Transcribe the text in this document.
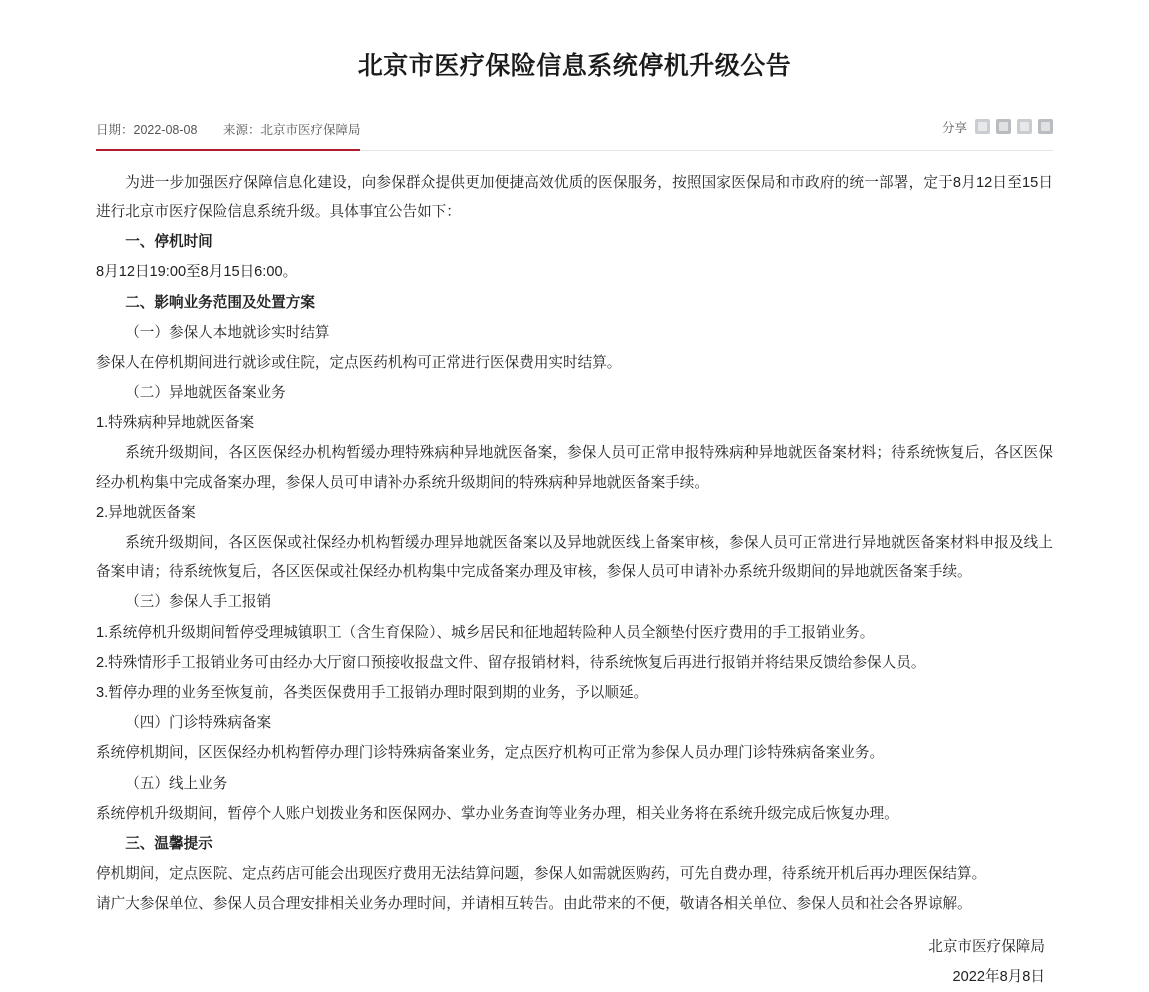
北京市医疗保险信息系统停机升级公告
日期：2022-08-08 来源：北京市医疗保障局	分享

为进一步加强医疗保障信息化建设，向参保群众提供更加便捷高效优质的医保服务，按照国家医保局和市政府的统一部署，定于8月12日至15日进行北京市医疗保险信息系统升级。具体事宜公告如下：

一、停机时间

8月12日19:00至8月15日6:00。

二、影响业务范围及处置方案

（一）参保人本地就诊实时结算

参保人在停机期间进行就诊或住院，定点医药机构可正常进行医保费用实时结算。

（二）异地就医备案业务

1.特殊病种异地就医备案

系统升级期间，各区医保经办机构暂缓办理特殊病种异地就医备案，参保人员可正常申报特殊病种异地就医备案材料；待系统恢复后，各区医保经办机构集中完成备案办理，参保人员可申请补办系统升级期间的特殊病种异地就医备案手续。

2.异地就医备案

系统升级期间，各区医保或社保经办机构暂缓办理异地就医备案以及异地就医线上备案审核，参保人员可正常进行异地就医备案材料申报及线上备案申请；待系统恢复后，各区医保或社保经办机构集中完成备案办理及审核，参保人员可申请补办系统升级期间的异地就医备案手续。

（三）参保人手工报销

1.系统停机升级期间暂停受理城镇职工（含生育保险）、城乡居民和征地超转险种人员全额垫付医疗费用的手工报销业务。

2.特殊情形手工报销业务可由经办大厅窗口预接收报盘文件、留存报销材料，待系统恢复后再进行报销并将结果反馈给参保人员。

3.暂停办理的业务至恢复前，各类医保费用手工报销办理时限到期的业务，予以顺延。

（四）门诊特殊病备案

系统停机期间，区医保经办机构暂停办理门诊特殊病备案业务，定点医疗机构可正常为参保人员办理门诊特殊病备案业务。

（五）线上业务

系统停机升级期间，暂停个人账户划拨业务和医保网办、掌办业务查询等业务办理，相关业务将在系统升级完成后恢复办理。

三、温馨提示

停机期间，定点医院、定点药店可能会出现医疗费用无法结算问题，参保人如需就医购药，可先自费办理，待系统开机后再办理医保结算。

请广大参保单位、参保人员合理安排相关业务办理时间，并请相互转告。由此带来的不便，敬请各相关单位、参保人员和社会各界谅解。

北京市医疗保障局
2022年8月8日
